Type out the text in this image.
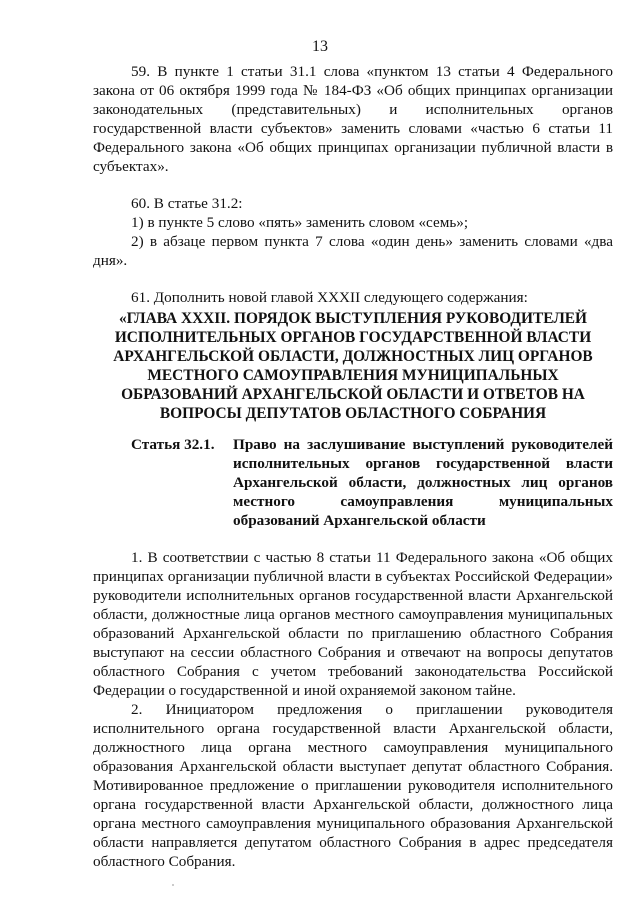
13

59. В пункте 1 статьи 31.1 слова «пунктом 13 статьи 4 Федерального закона от 06 октября 1999 года № 184-ФЗ «Об общих принципах организации законодательных (представительных) и исполнительных органов государственной власти субъектов» заменить словами «частью 6 статьи 11 Федерального закона «Об общих принципах организации публичной власти в субъектах».

60. В статье 31.2:

1) в пункте 5 слово «пять» заменить словом «семь»;

2) в абзаце первом пункта 7 слова «один день» заменить словами «два дня».

61. Дополнить новой главой XXXII следующего содержания:

«ГЛАВА XXXII. ПОРЯДОК ВЫСТУПЛЕНИЯ РУКОВОДИТЕЛЕЙ ИСПОЛНИТЕЛЬНЫХ ОРГАНОВ ГОСУДАРСТВЕННОЙ ВЛАСТИ АРХАНГЕЛЬСКОЙ ОБЛАСТИ, ДОЛЖНОСТНЫХ ЛИЦ ОРГАНОВ МЕСТНОГО САМОУПРАВЛЕНИЯ МУНИЦИПАЛЬНЫХ ОБРАЗОВАНИЙ АРХАНГЕЛЬСКОЙ ОБЛАСТИ И ОТВЕТОВ НА ВОПРОСЫ ДЕПУТАТОВ ОБЛАСТНОГО СОБРАНИЯ

Статья 32.1.	Право на заслушивание выступлений руководителей исполнительных органов государственной власти Архангельской области, должностных лиц органов местного самоуправления муниципальных образований Архангельской области

1. В соответствии с частью 8 статьи 11 Федерального закона «Об общих принципах организации публичной власти в субъектах Российской Федерации» руководители исполнительных органов государственной власти Архангельской области, должностные лица органов местного самоуправления муниципальных образований Архангельской области по приглашению областного Собрания выступают на сессии областного Собрания и отвечают на вопросы депутатов областного Собрания с учетом требований законодательства Российской Федерации о государственной и иной охраняемой законом тайне.

2. Инициатором предложения о приглашении руководителя исполнительного органа государственной власти Архангельской области, должностного лица органа местного самоуправления муниципального образования Архангельской области выступает депутат областного Собрания. Мотивированное предложение о приглашении руководителя исполнительного органа государственной власти Архангельской области, должностного лица органа местного самоуправления муниципального образования Архангельской области направляется депутатом областного Собрания в адрес председателя областного Собрания.
